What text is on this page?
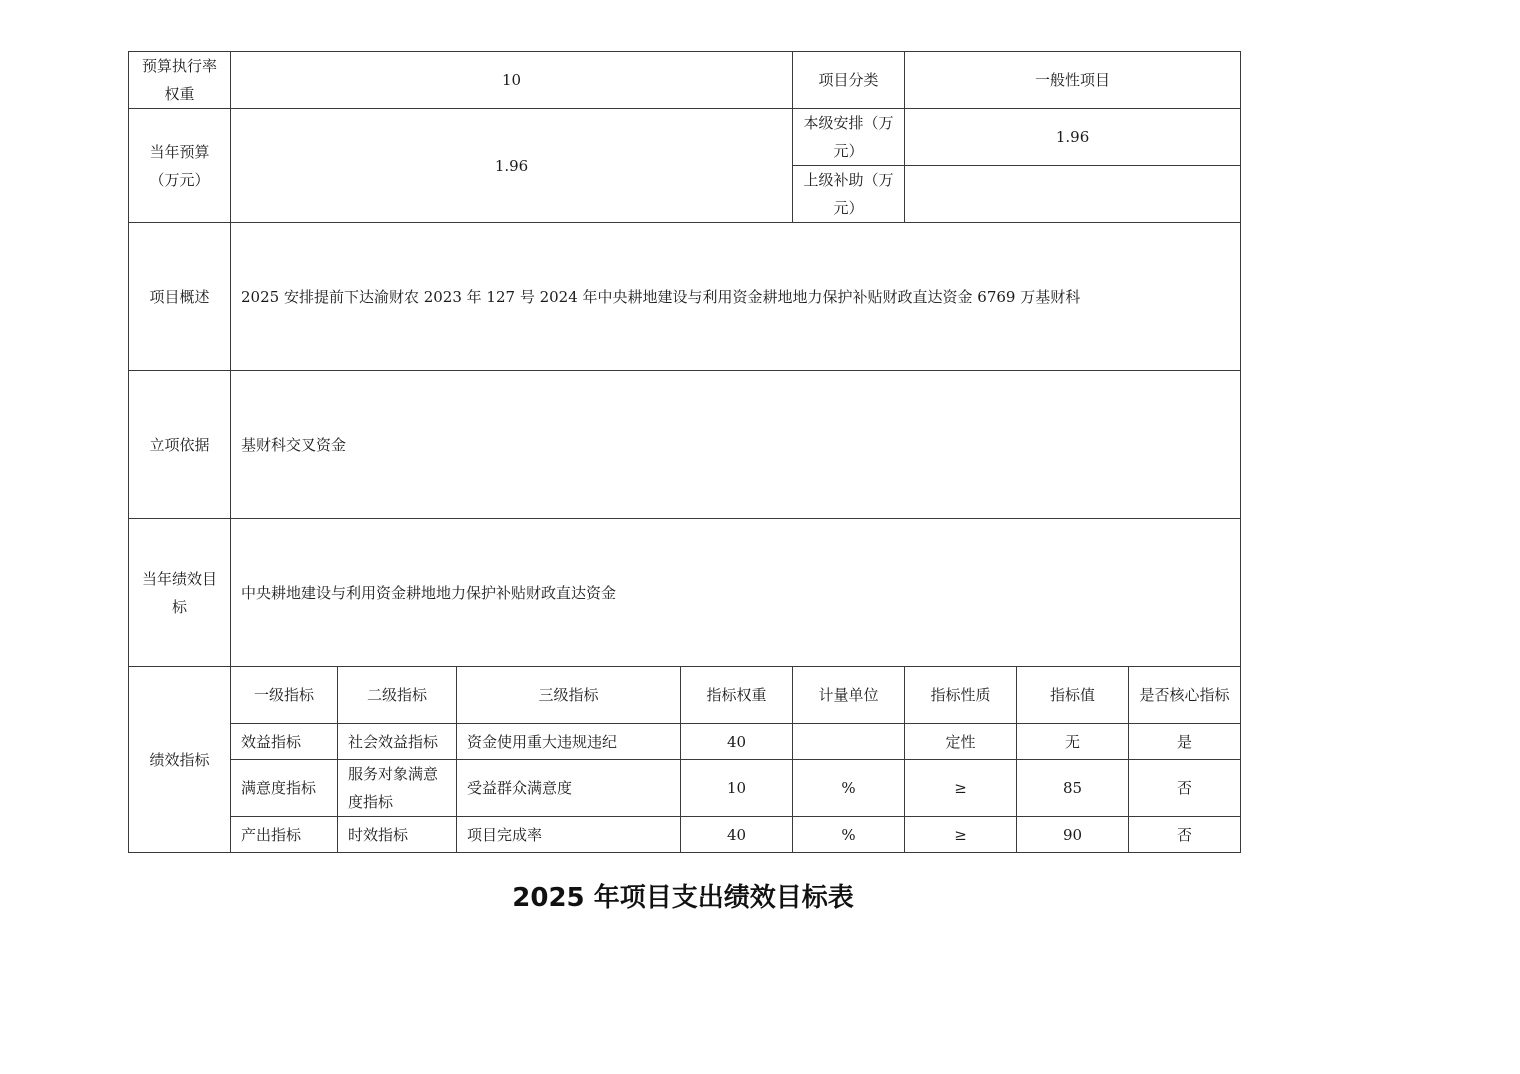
预算执行率权重	10				项目分类	一般性项目		
当年预算（万元）	1.96				本级安排（万元）	1.96		
					上级补助（万元）			
项目概述	2025 安排提前下达渝财农 2023 年 127 号 2024 年中央耕地建设与利用资金耕地地力保护补贴财政直达资金 6769 万基财科							
立项依据	基财科交叉资金							
当年绩效目标	中央耕地建设与利用资金耕地地力保护补贴财政直达资金							
绩效指标	一级指标	二级指标	三级指标	指标权重	计量单位	指标性质	指标值	是否核心指标
	效益指标	社会效益指标	资金使用重大违规违纪	40		定性	无	是
	满意度指标	服务对象满意度指标	受益群众满意度	10	%	≥	85	否
	产出指标	时效指标	项目完成率	40	%	≥	90	否
2025 年项目支出绩效目标表
